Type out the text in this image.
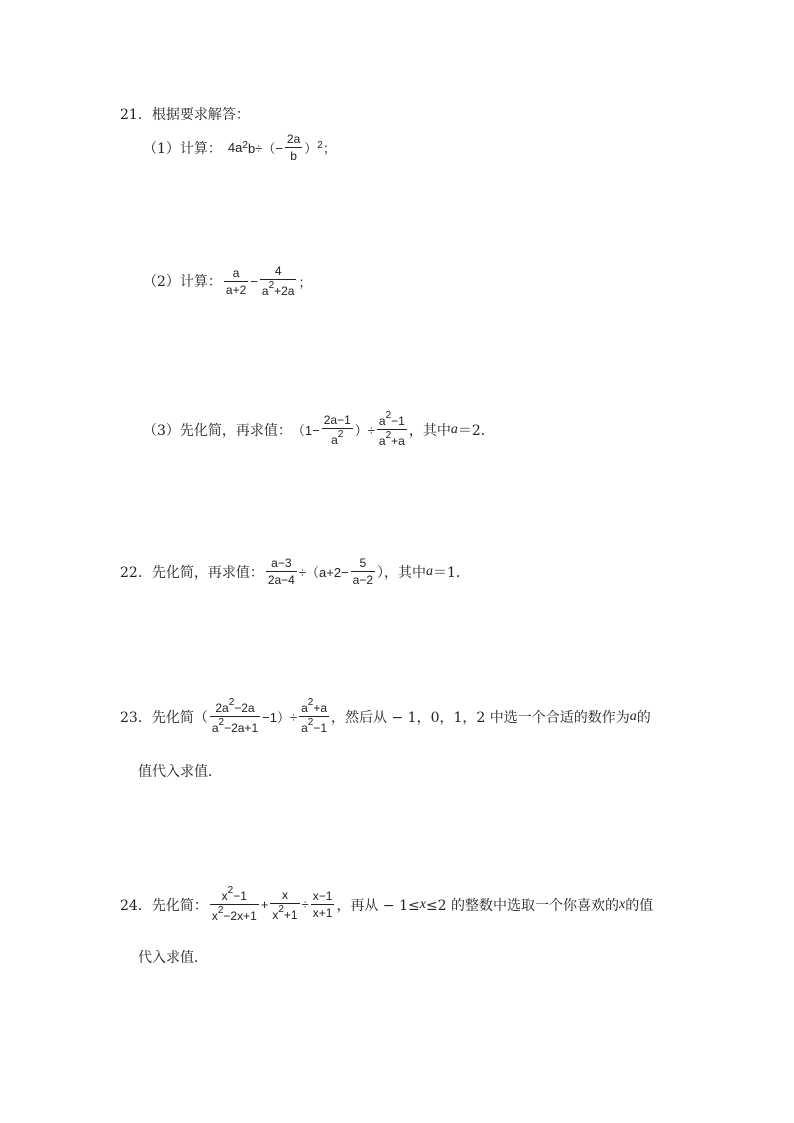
21．根据要求解答：
（1）计算： $4a^2$ $b\div(- \frac{2a}{b} )^2$ ；
（2）计算： $\frac{a}{a+2} - \frac{4}{a^2+2a}$ ；
（3）先化简，再求值： （$1- \frac{2a-1}{a^2}$ ）÷ $\frac{a^2-1}{a^2+a}$ ，其中 a ＝2．
22．先化简，再求值： $\frac{a-3}{2a-4} \div(a+2- \frac{5}{a-2}$ ），其中 a ＝1．
23．先化简（ $\frac{2a^2-2a}{a^2-2a+1} -1)\div \frac{a^2+a}{a^2-1}$ ，然后从 − 1，0，1，2 中选一个合适的数作为 a 的
值代入求值．
24．先化简： $\frac{x^2-1}{x^2-2x+1} + \frac{x}{x^2+1} \div \frac{x-1}{x+1}$ ，再从 − 1≤ x ≤2 的整数中选取一个你喜欢的 x 的值
代入求值．
